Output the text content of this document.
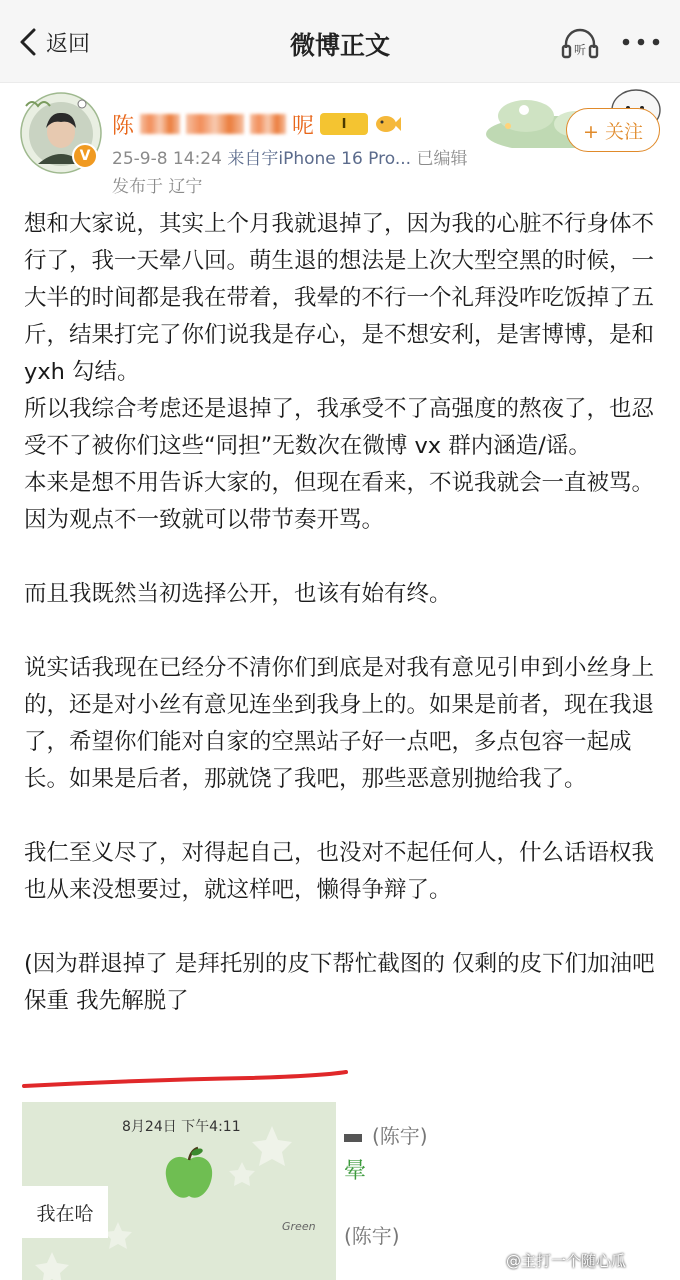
返回	微博正文	听
+ 关注
V
陈	呢	I
25-9-8 14:24 来自宇iPhone 16 Pro... 已编辑
发布于 辽宁

想和大家说，其实上个月我就退掉了，因为我的心脏不行身体不行了，我一天晕八回。萌生退的想法是上次大型空黑的时候，一大半的时间都是我在带着，我晕的不行一个礼拜没咋吃饭掉了五斤，结果打完了你们说我是存心，是不想安利，是害博博，是和 yxh 勾结。

所以我综合考虑还是退掉了，我承受不了高强度的熬夜了，也忍受不了被你们这些“同担”无数次在微博 vx 群内涵造/谣。

本来是想不用告诉大家的，但现在看来，不说我就会一直被骂。因为观点不一致就可以带节奏开骂。

而且我既然当初选择公开，也该有始有终。

说实话我现在已经分不清你们到底是对我有意见引申到小丝身上的，还是对小丝有意见连坐到我身上的。如果是前者，现在我退了，希望你们能对自家的空黑站子好一点吧，多点包容一起成长。如果是后者，那就饶了我吧，那些恶意别抛给我了。

我仁至义尽了，对得起自己，也没对不起任何人，什么话语权我也从来没想要过，就这样吧，懒得争辩了。

(因为群退掉了 是拜托别的皮下帮忙截图的 仅剩的皮下们加油吧 保重 我先解脱了

8月24日 下午4:11
我在哈
Green
(陈宇)
晕
(陈宇)
@主打一个随心瓜
